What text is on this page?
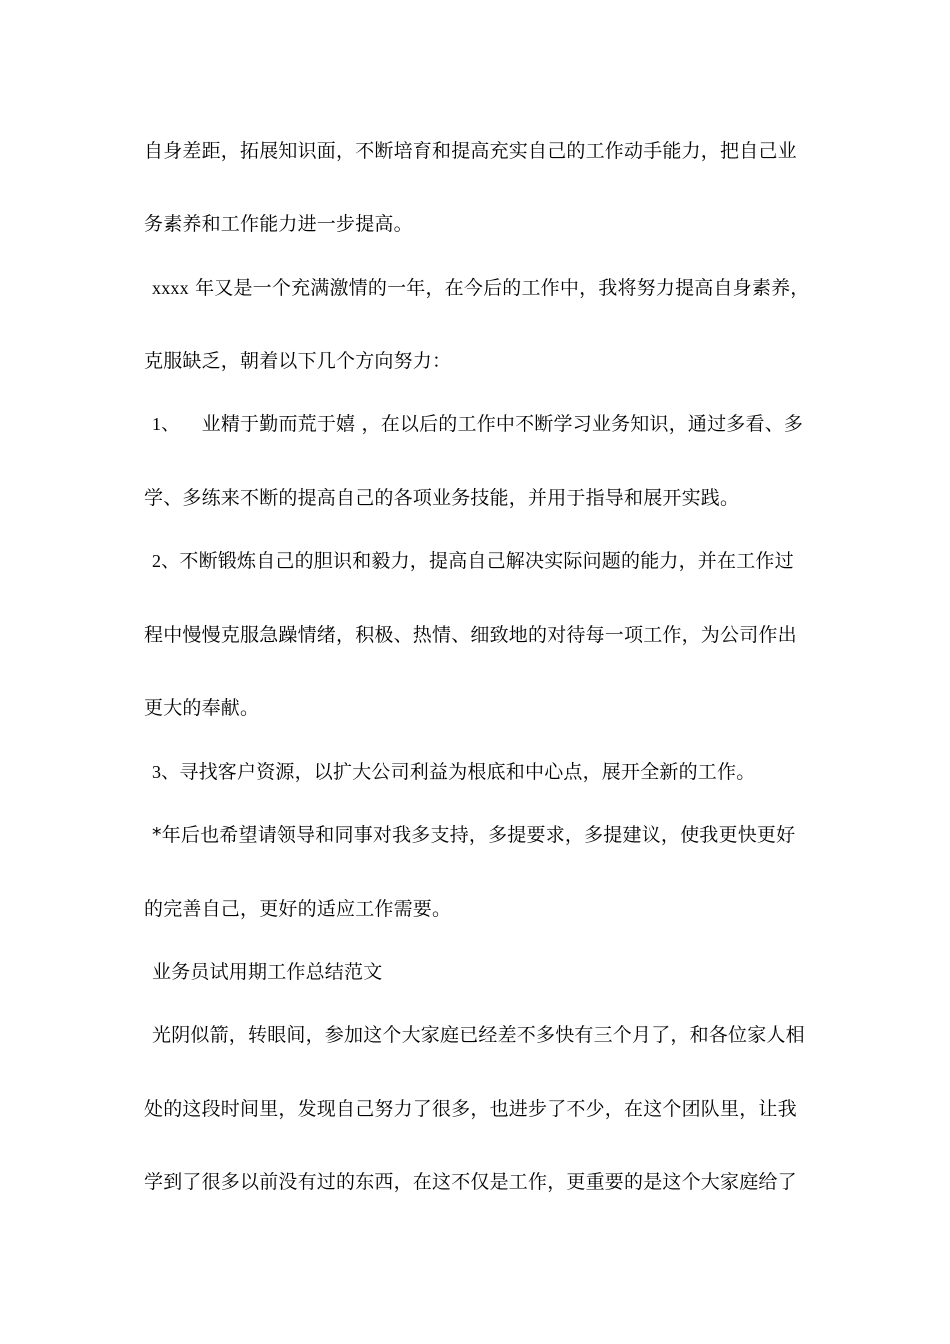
自身差距，拓展知识面，不断培育和提高充实自己的工作动手能力，把自己业
务素养和工作能力进一步提高。
xxxx 年又是一个充满激情的一年，在今后的工作中，我将努力提高自身素养，
克服缺乏，朝着以下几个方向努力：
1、 业精于勤而荒于嬉 ，在以后的工作中不断学习业务知识，通过多看、多
学、多练来不断的提高自己的各项业务技能，并用于指导和展开实践。
2、不断锻炼自己的胆识和毅力，提高自己解决实际问题的能力，并在工作过
程中慢慢克服急躁情绪，积极、热情、细致地的对待每一项工作，为公司作出
更大的奉献。
3、寻找客户资源，以扩大公司利益为根底和中心点，展开全新的工作。
*年后也希望请领导和同事对我多支持，多提要求，多提建议，使我更快更好
的完善自己，更好的适应工作需要。
业务员试用期工作总结范文
光阴似箭，转眼间，参加这个大家庭已经差不多快有三个月了，和各位家人相
处的这段时间里，发现自己努力了很多，也进步了不少，在这个团队里，让我
学到了很多以前没有过的东西，在这不仅是工作，更重要的是这个大家庭给了
